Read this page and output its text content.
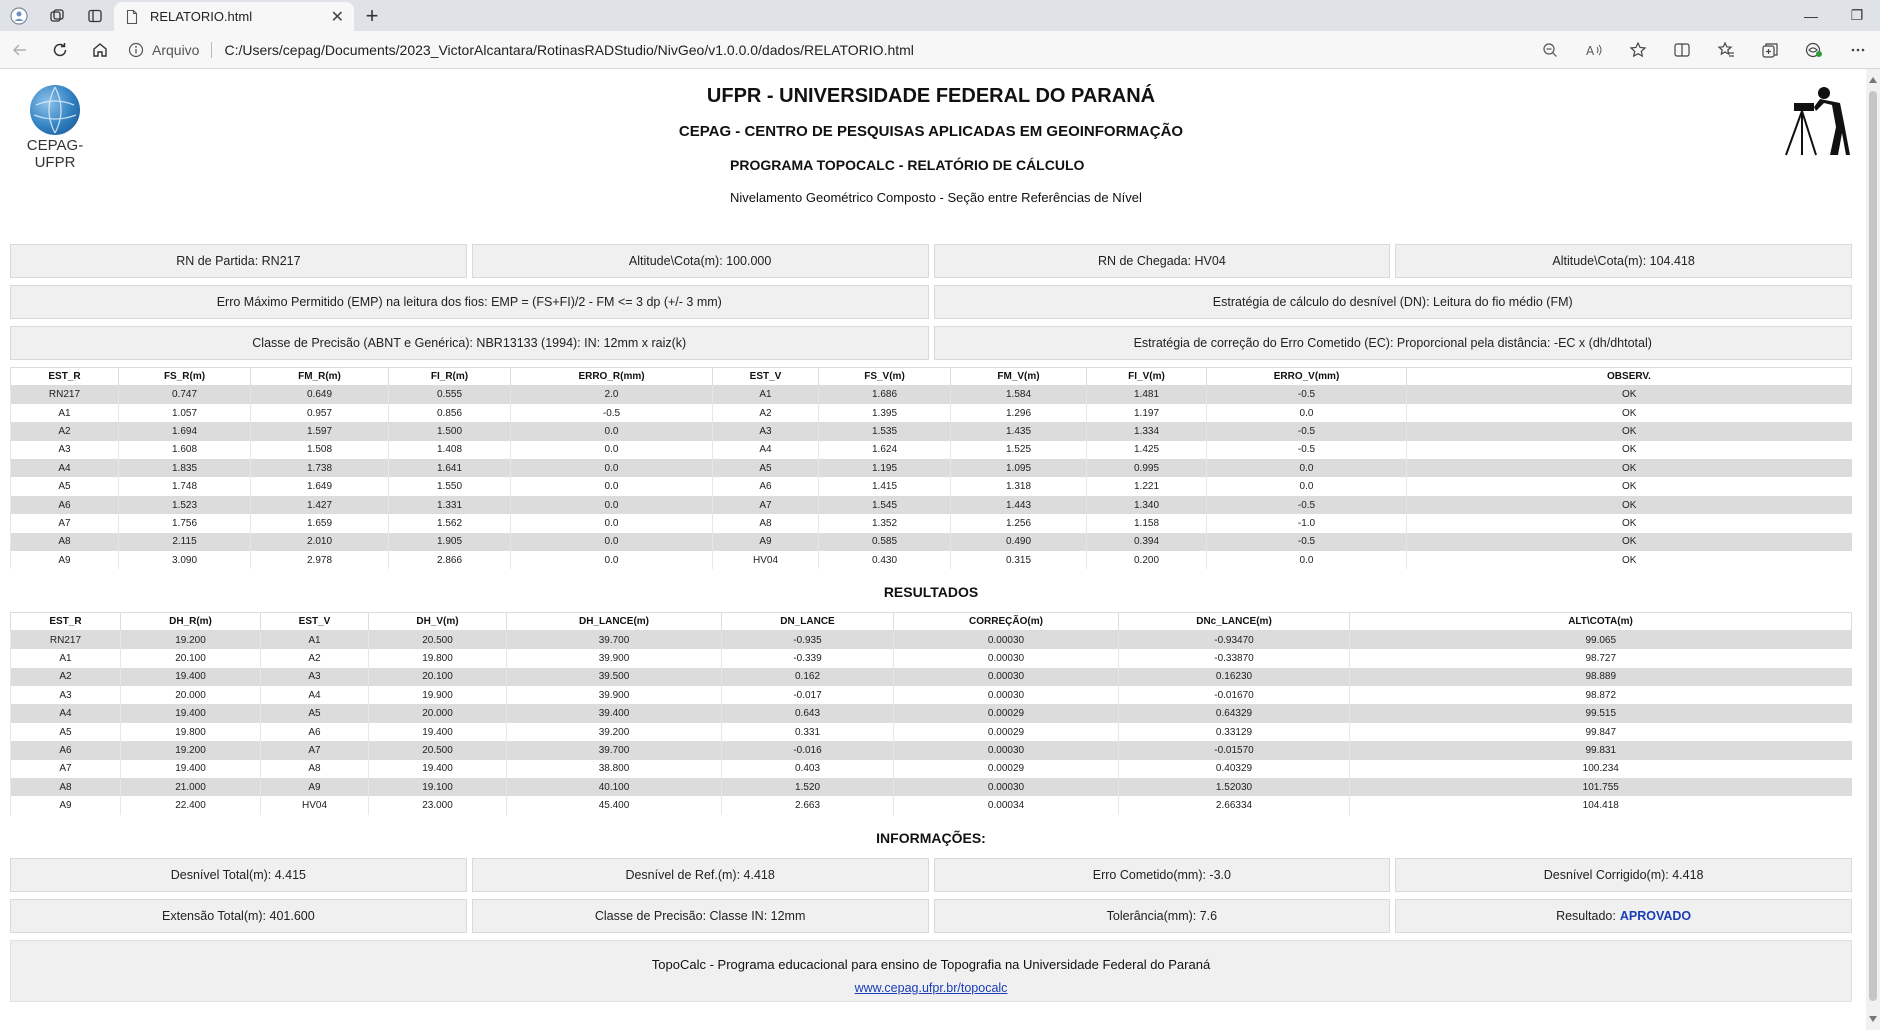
RELATORIO.html	✕ +	—	❐
Arquivo C:/Users/cepag/Documents/2023_VictorAlcantara/RotinasRADStudio/NivGeo/v1.0.0.0/dados/RELATORIO.html	A
CEPAG-UFPR
UFPR - UNIVERSIDADE FEDERAL DO PARANÁ
CEPAG - CENTRO DE PESQUISAS APLICADAS EM GEOINFORMAÇÃO
PROGRAMA TOPOCALC - RELATÓRIO DE CÁLCULO
Nivelamento Geométrico Composto - Seção entre Referências de Nível
RN de Partida: RN217	Altitude\Cota(m): 100.000	RN de Chegada: HV04	Altitude\Cota(m): 104.418
Erro Máximo Permitido (EMP) na leitura dos fios: EMP = (FS+FI)/2 - FM <= 3 dp (+/- 3 mm)	Estratégia de cálculo do desnível (DN): Leitura do fio médio (FM)
Classe de Precisão (ABNT e Genérica): NBR13133 (1994): IN: 12mm x raiz(k)	Estratégia de correção do Erro Cometido (EC): Proporcional pela distância: -EC x (dh/dhtotal)
EST_R	FS_R(m)	FM_R(m)	FI_R(m)	ERRO_R(mm)	EST_V	FS_V(m)	FM_V(m)	FI_V(m)	ERRO_V(mm)	OBSERV.
RN217	0.747	0.649	0.555	2.0	A1	1.686	1.584	1.481	-0.5	OK
A1	1.057	0.957	0.856	-0.5	A2	1.395	1.296	1.197	0.0	OK
A2	1.694	1.597	1.500	0.0	A3	1.535	1.435	1.334	-0.5	OK
A3	1.608	1.508	1.408	0.0	A4	1.624	1.525	1.425	-0.5	OK
A4	1.835	1.738	1.641	0.0	A5	1.195	1.095	0.995	0.0	OK
A5	1.748	1.649	1.550	0.0	A6	1.415	1.318	1.221	0.0	OK
A6	1.523	1.427	1.331	0.0	A7	1.545	1.443	1.340	-0.5	OK
A7	1.756	1.659	1.562	0.0	A8	1.352	1.256	1.158	-1.0	OK
A8	2.115	2.010	1.905	0.0	A9	0.585	0.490	0.394	-0.5	OK
A9	3.090	2.978	2.866	0.0	HV04	0.430	0.315	0.200	0.0	OK
RESULTADOS
EST_R	DH_R(m)	EST_V	DH_V(m)	DH_LANCE(m)	DN_LANCE	CORREÇÃO(m)	DNc_LANCE(m)	ALT\COTA(m)
RN217	19.200	A1	20.500	39.700	-0.935	0.00030	-0.93470	99.065
A1	20.100	A2	19.800	39.900	-0.339	0.00030	-0.33870	98.727
A2	19.400	A3	20.100	39.500	0.162	0.00030	0.16230	98.889
A3	20.000	A4	19.900	39.900	-0.017	0.00030	-0.01670	98.872
A4	19.400	A5	20.000	39.400	0.643	0.00029	0.64329	99.515
A5	19.800	A6	19.400	39.200	0.331	0.00029	0.33129	99.847
A6	19.200	A7	20.500	39.700	-0.016	0.00030	-0.01570	99.831
A7	19.400	A8	19.400	38.800	0.403	0.00029	0.40329	100.234
A8	21.000	A9	19.100	40.100	1.520	0.00030	1.52030	101.755
A9	22.400	HV04	23.000	45.400	2.663	0.00034	2.66334	104.418
INFORMAÇÕES:
Desnível Total(m): 4.415	Desnível de Ref.(m): 4.418	Erro Cometido(mm): -3.0	Desnível Corrigido(m): 4.418
Extensão Total(m): 401.600	Classe de Precisão: Classe IN: 12mm	Tolerância(mm): 7.6	Resultado: APROVADO
TopoCalc - Programa educacional para ensino de Topografia na Universidade Federal do Paraná
www.cepag.ufpr.br/topocalc
